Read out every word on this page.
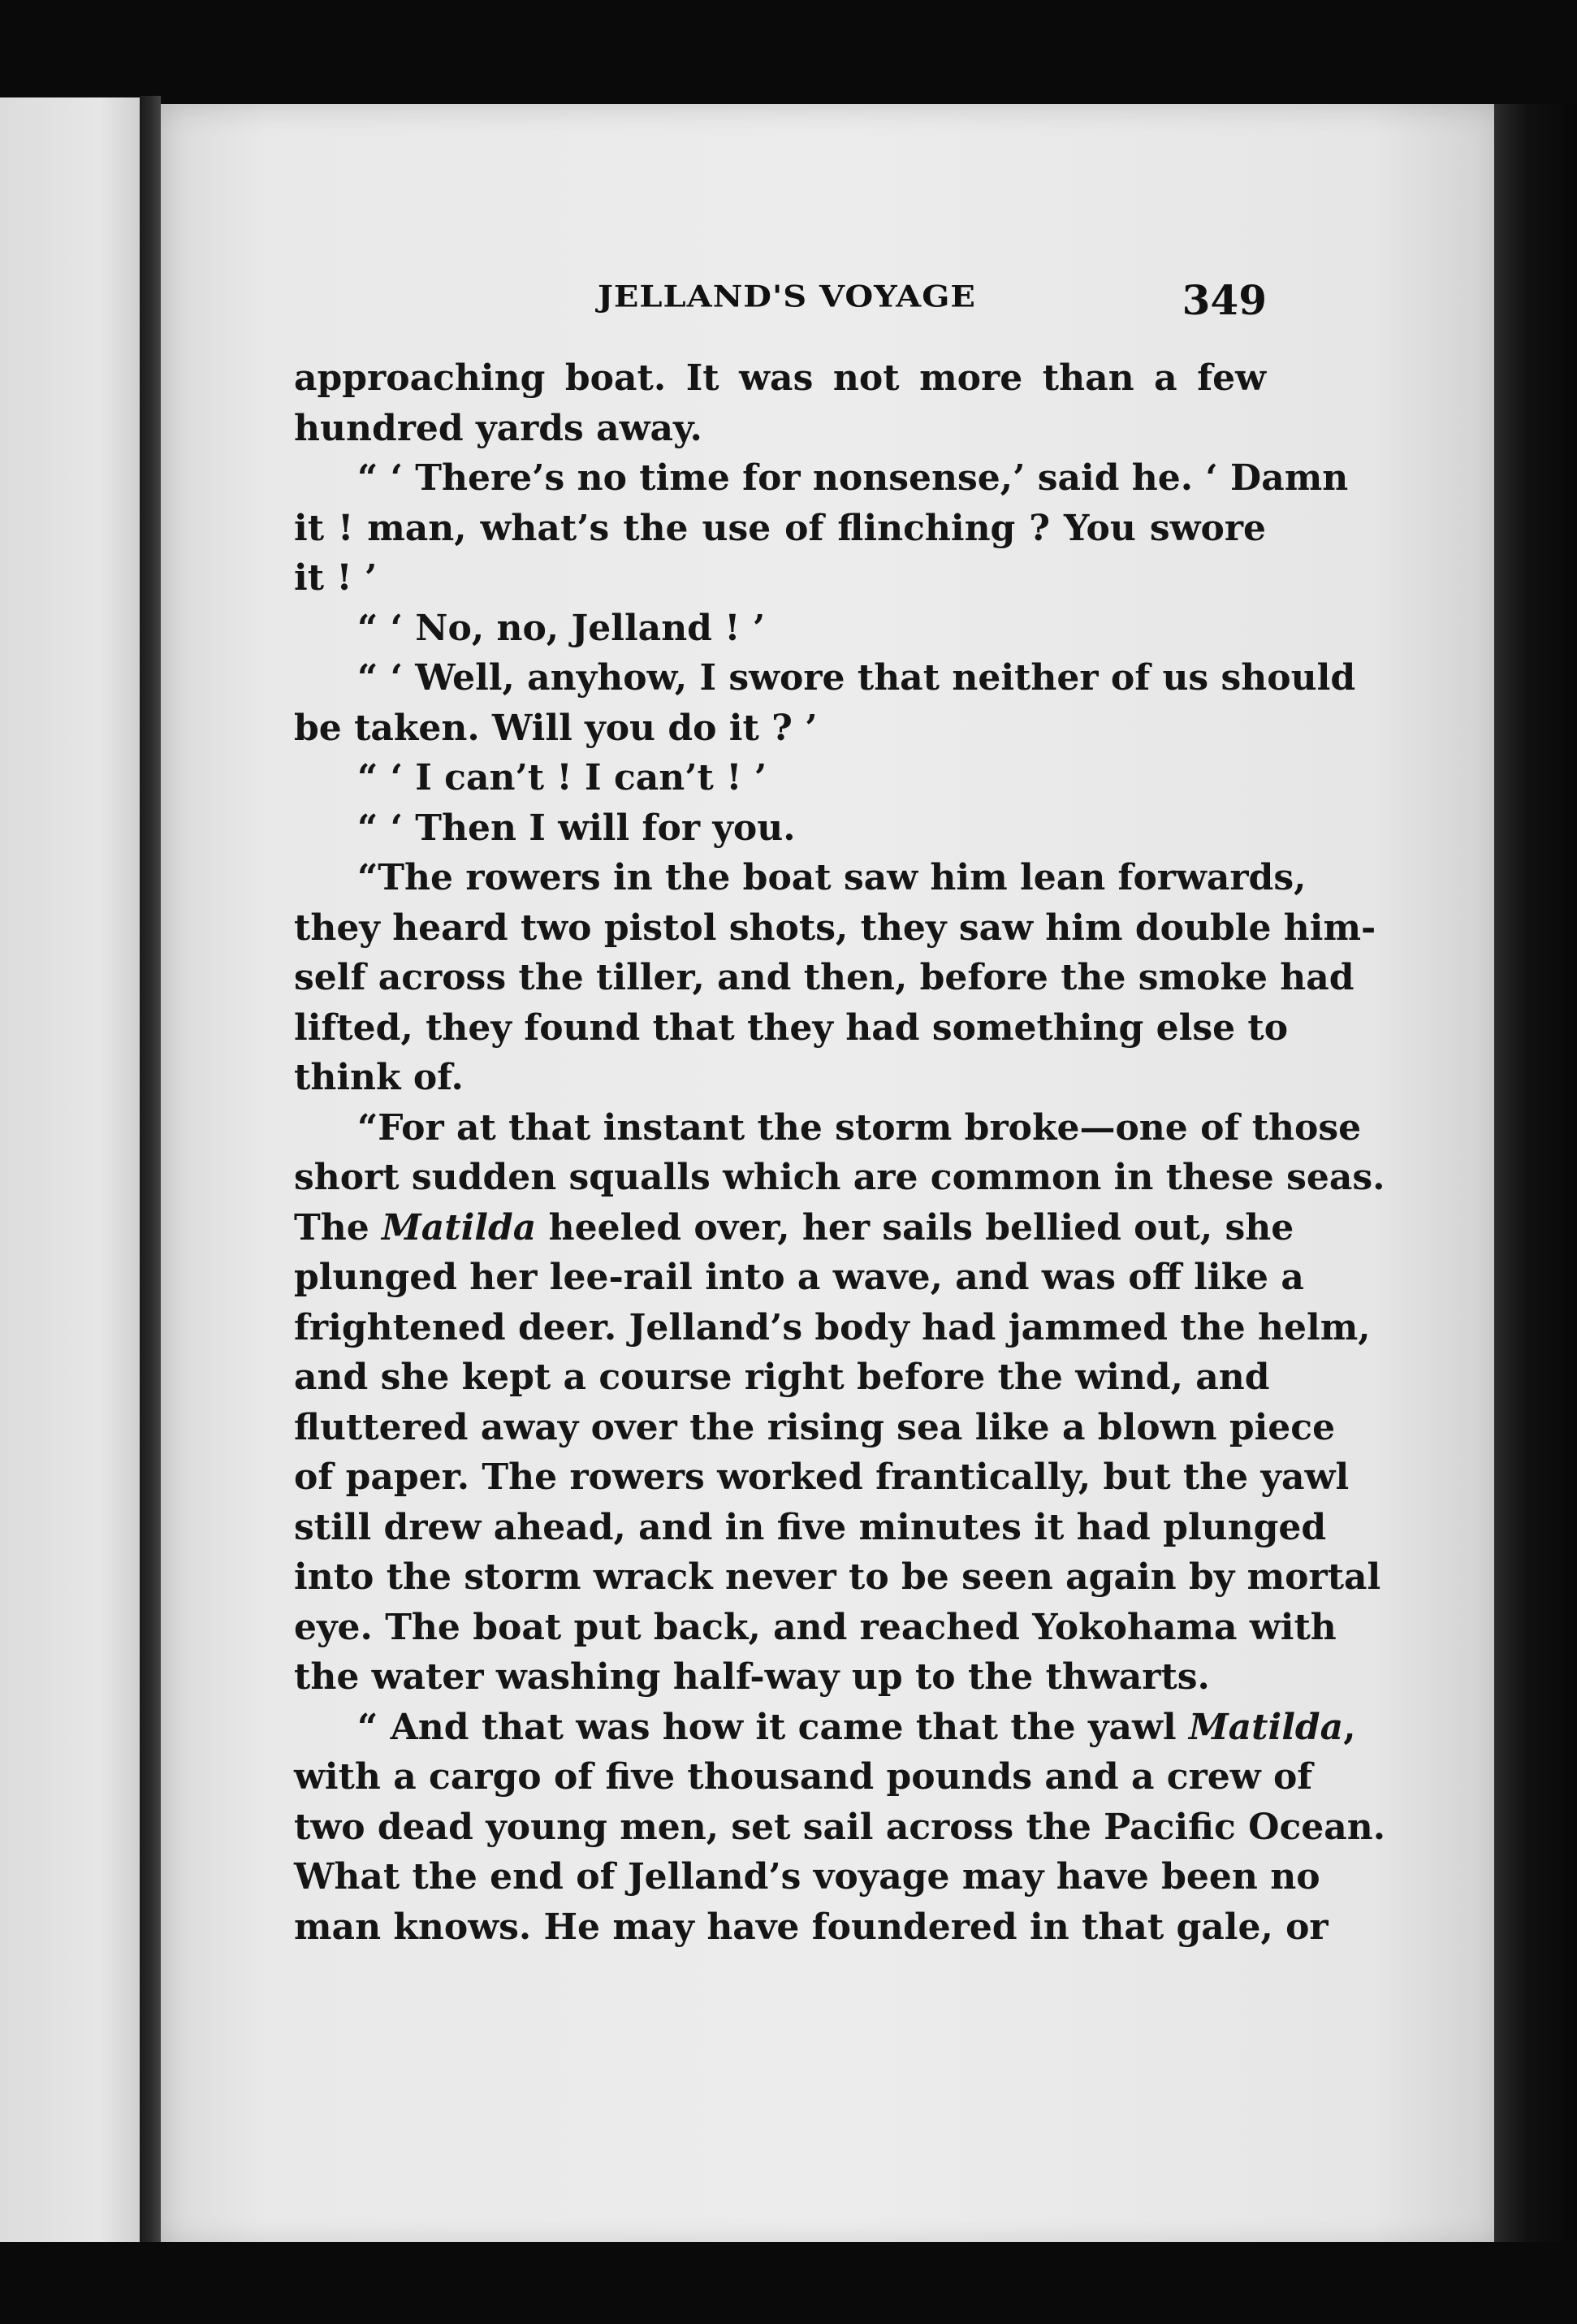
JELLAND'S VOYAGE	349
approaching boat. It was not more than a few
hundred yards away.
“ ‘ There’s no time for nonsense,’ said he. ‘ Damn
it ! man, what’s the use of flinching ? You swore
it ! ’
“ ‘ No, no, Jelland ! ’
“ ‘ Well, anyhow, I swore that neither of us should
be taken. Will you do it ? ’
“ ‘ I can’t ! I can’t ! ’
“ ‘ Then I will for you.
“The rowers in the boat saw him lean forwards,
they heard two pistol shots, they saw him double him-
self across the tiller, and then, before the smoke had
lifted, they found that they had something else to
think of.
“For at that instant the storm broke—one of those
short sudden squalls which are common in these seas.
The Matilda heeled over, her sails bellied out, she
plunged her lee-rail into a wave, and was off like a
frightened deer. Jelland’s body had jammed the helm,
and she kept a course right before the wind, and
fluttered away over the rising sea like a blown piece
of paper. The rowers worked frantically, but the yawl
still drew ahead, and in five minutes it had plunged
into the storm wrack never to be seen again by mortal
eye. The boat put back, and reached Yokohama with
the water washing half-way up to the thwarts.
“ And that was how it came that the yawl Matilda
with a cargo of five thousand pounds and a crew of
two dead young men, set sail across the Pacific Ocean.
What the end of Jelland’s voyage may have been no
man knows. He may have foundered in that gale, or
